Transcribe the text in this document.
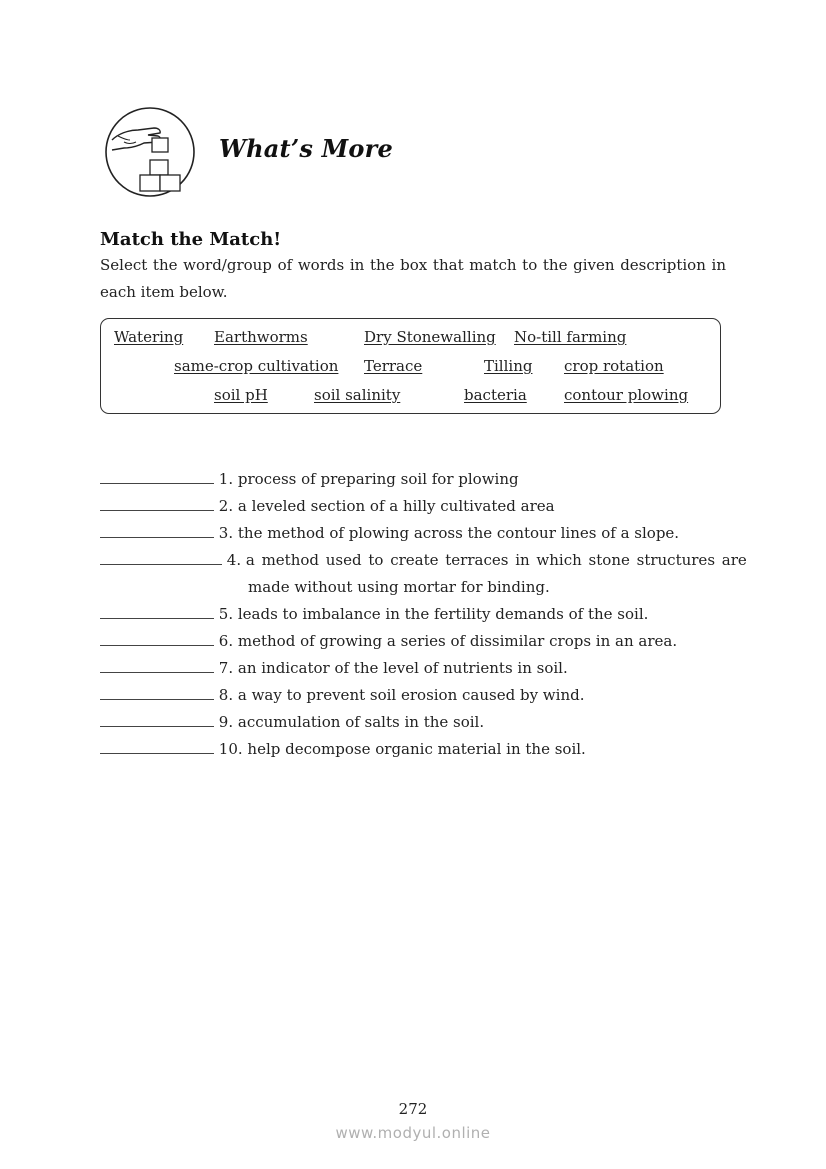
What’s More
Match the Match!

Select the word/group of words in the box that match to the given description in each item below.

Watering Earthworms	Dry Stonewalling No-till farming
same-crop cultivation Terrace	Tilling crop rotation
soil pH	soil salinity	bacteria contour plowing
1. process of preparing soil for plowing
2. a leveled section of a hilly cultivated area
3. the method of plowing across the contour lines of a slope.
4. a method used to create terraces in which stone structures are
made without using mortar for binding.
5. leads to imbalance in the fertility demands of the soil.
6. method of growing a series of dissimilar crops in an area.
7. an indicator of the level of nutrients in soil.
8. a way to prevent soil erosion caused by wind.
9. accumulation of salts in the soil.
10. help decompose organic material in the soil.
272
www.modyul.online
